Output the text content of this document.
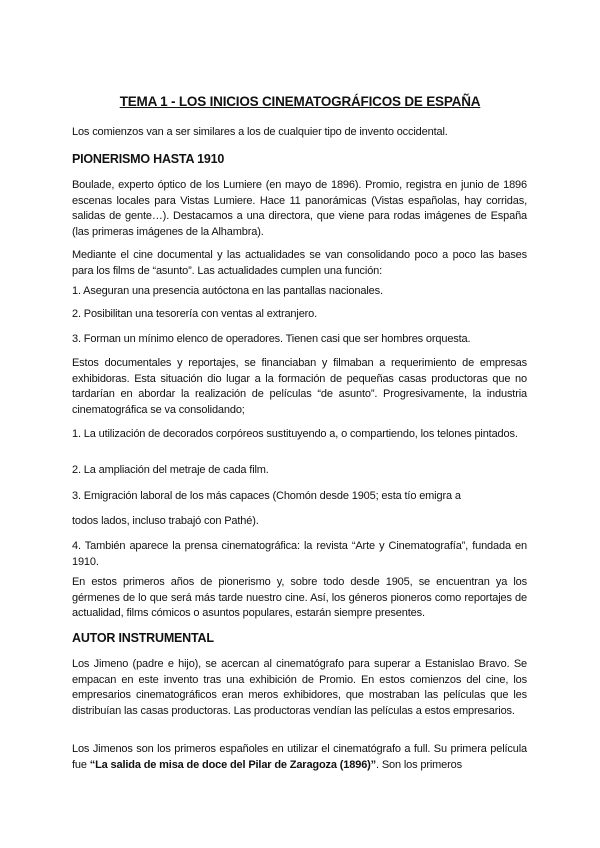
TEMA 1 - LOS INICIOS CINEMATOGRÁFICOS DE ESPAÑA
Los comienzos van a ser similares a los de cualquier tipo de invento occidental.
PIONERISMO HASTA 1910
Boulade, experto óptico de los Lumiere (en mayo de 1896). Promio, registra en junio de 1896 escenas locales para Vistas Lumiere. Hace 11 panorámicas (Vistas españolas, hay corridas, salidas de gente…). Destacamos a una directora, que viene para rodas imágenes de España (las primeras imágenes de la Alhambra).
Mediante el cine documental y las actualidades se van consolidando poco a poco las bases para los films de “asunto”. Las actualidades cumplen una función:
1. Aseguran una presencia autóctona en las pantallas nacionales.
2. Posibilitan una tesorería con ventas al extranjero.
3. Forman un mínimo elenco de operadores. Tienen casi que ser hombres orquesta.
Estos documentales y reportajes, se financiaban y filmaban a requerimiento de empresas exhibidoras. Esta situación dio lugar a la formación de pequeñas casas productoras que no tardarían en abordar la realización de películas “de asunto”. Progresivamente, la industria cinematográfica se va consolidando;
1. La utilización de decorados corpóreos sustituyendo a, o compartiendo, los telones pintados.
2. La ampliación del metraje de cada film.
3. Emigración laboral de los más capaces (Chomón desde 1905; esta tío emigra a
todos lados, incluso trabajó con Pathé).
4. También aparece la prensa cinematográfica: la revista “Arte y Cinematografía”, fundada en 1910.
En estos primeros años de pionerismo y, sobre todo desde 1905, se encuentran ya los gérmenes de lo que será más tarde nuestro cine. Así, los géneros pioneros como reportajes de actualidad, films cómicos o asuntos populares, estarán siempre presentes.
AUTOR INSTRUMENTAL
Los Jimeno (padre e hijo), se acercan al cinematógrafo para superar a Estanislao Bravo. Se empacan en este invento tras una exhibición de Promio. En estos comienzos del cine, los empresarios cinematográficos eran meros exhibidores, que mostraban las películas que les distribuían las casas productoras. Las productoras vendían las películas a estos empresarios.
Los Jimenos son los primeros españoles en utilizar el cinematógrafo a full. Su primera película fue “La salida de misa de doce del Pilar de Zaragoza (1896)”. Son los primeros
